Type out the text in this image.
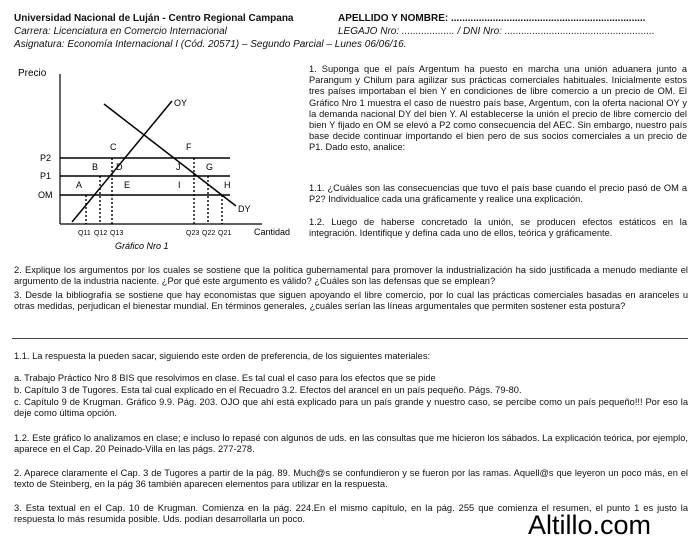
Universidad Nacional de Luján - Centro Regional Campana	APELLIDO Y NOMBRE: ......................................................................
Carrera: Licenciatura en Comercio Internacional	LEGAJO Nro: ................... / DNI Nro: ......................................................
Asignatura: Economía Internacional I (Cód. 20571) – Segundo Parcial – Lunes 06/06/16.
Precio
Cantidad
P2
P1
OM
OY
DY
A
B
C
D
E
F
G
H
I
J
Q11 Q12 Q13	Q23 Q22 Q21
Gráfico Nro 1

1. Suponga que el país Argentum ha puesto en marcha una unión aduanera junto a Parangum y Chilum para agilizar sus prácticas comerciales habituales. Inicialmente estos tres países importaban el bien Y en condiciones de libre comercio a un precio de OM. El Gráfico Nro 1 muestra el caso de nuestro país base, Argentum, con la oferta nacional OY y la demanda nacional DY del bien Y. Al establecerse la unión el precio de libre comercio del bien Y fijado en OM se elevó a P2 como consecuencia del AEC. Sin embargo, nuestro país base decide continuar importando el bien pero de sus socios comerciales a un precio de P1. Dado esto, analice:

1.1. ¿Cuáles son las consecuencias que tuvo el país base cuando el precio pasó de OM a P2? Individualice cada una gráficamente y realice una explicación.

1.2. Luego de haberse concretado la unión, se producen efectos estáticos en la integración. Identifique y defina cada uno de ellos, teórica y gráficamente.

2. Explique los argumentos por los cuales se sostiene que la política gubernamental para promover la industrialización ha sido justificada a menudo mediante el argumento de la industria naciente. ¿Por qué este argumento es válido? ¿Cuáles son las defensas que se emplean?

3. Desde la bibliografía se sostiene que hay economistas que siguen apoyando el libre comercio, por lo cual las prácticas comerciales basadas en aranceles u otras medidas, perjudican el bienestar mundial. En términos generales, ¿cuáles serían las líneas argumentales que permiten sostener esta postura?

1.1. La respuesta la pueden sacar, siguiendo este orden de preferencia, de los siguientes materiales:

a. Trabajo Práctico Nro 8 BIS que resolvimos en clase. Es tal cual el caso para los efectos que se pide

b. Capítulo 3 de Tugores. Esta tal cual explicado en el Recuadro 3.2. Efectos del arancel en un país pequeño. Págs. 79-80.

c. Capítulo 9 de Krugman. Gráfico 9.9. Pág. 203. OJO que ahí está explicado para un país grande y nuestro caso, se percibe como un país pequeño!!! Por eso la deje como última opción.

1.2. Este gráfico lo analizamos en clase; e incluso lo repasé con algunos de uds. en las consultas que me hicieron los sábados. La explicación teórica, por ejemplo, aparece en el Cap. 20 Peinado-Villa en las págs. 277-278.

2. Aparece claramente el Cap. 3 de Tugores a partir de la pág. 89. Much@s se confundieron y se fueron por las ramas. Aquell@s que leyeron un poco más, en el texto de Steinberg, en la pág 36 también aparecen elementos para utilizar en la respuesta.

3. Esta textual en el Cap. 10 de Krugman. Comienza en la pág. 224.En el mismo capítulo, en la pág. 255 que comienza el resumen, el punto 1 es justo la respuesta lo más resumida posible. Uds. podían desarrollarla un poco.	Altillo.com
